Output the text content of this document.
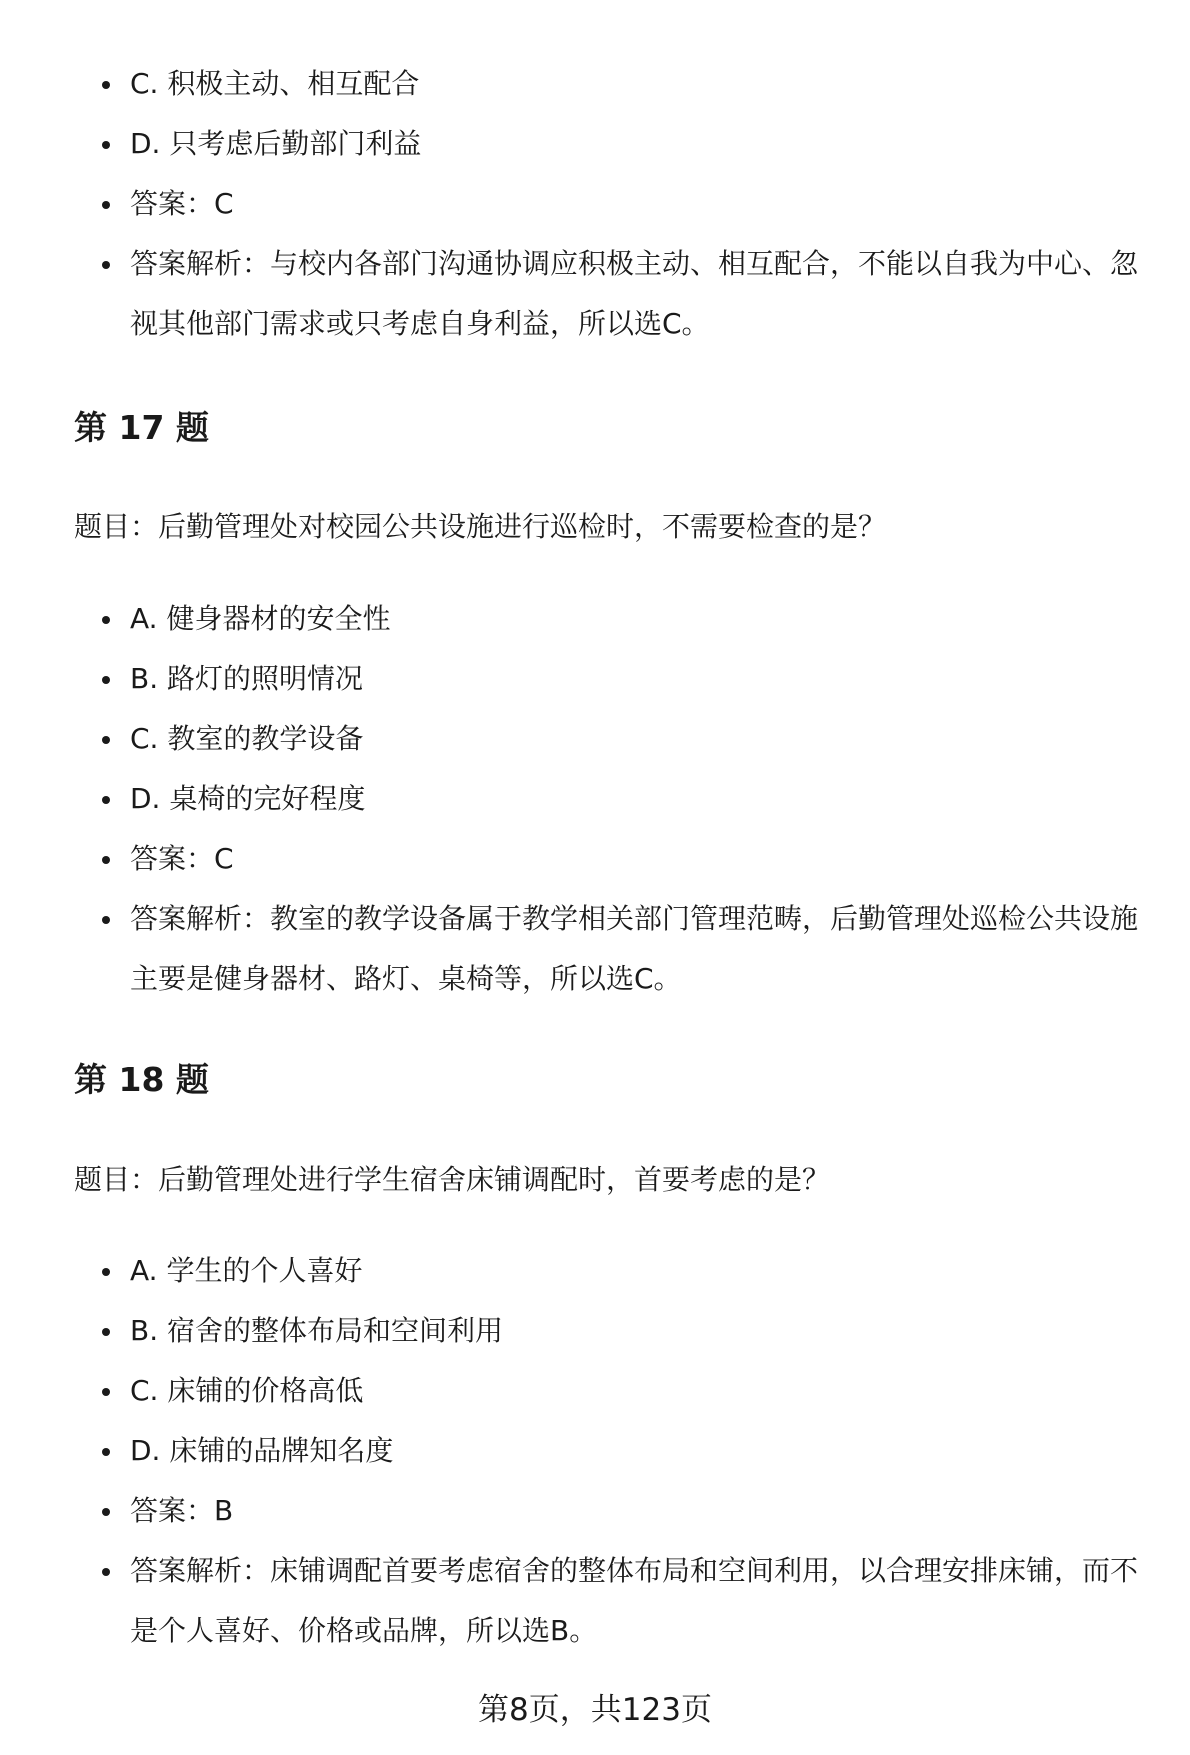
C. 积极主动、相互配合
D. 只考虑后勤部门利益
答案：C
答案解析：与校内各部门沟通协调应积极主动、相互配合，不能以自我为中心、忽视其他部门需求或只考虑自身利益，所以选C。
第 17 题
题目：后勤管理处对校园公共设施进行巡检时，不需要检查的是？
A. 健身器材的安全性
B. 路灯的照明情况
C. 教室的教学设备
D. 桌椅的完好程度
答案：C
答案解析：教室的教学设备属于教学相关部门管理范畴，后勤管理处巡检公共设施主要是健身器材、路灯、桌椅等，所以选C。
第 18 题
题目：后勤管理处进行学生宿舍床铺调配时，首要考虑的是？
A. 学生的个人喜好
B. 宿舍的整体布局和空间利用
C. 床铺的价格高低
D. 床铺的品牌知名度
答案：B
答案解析：床铺调配首要考虑宿舍的整体布局和空间利用，以合理安排床铺，而不是个人喜好、价格或品牌，所以选B。
第8页，共123页
